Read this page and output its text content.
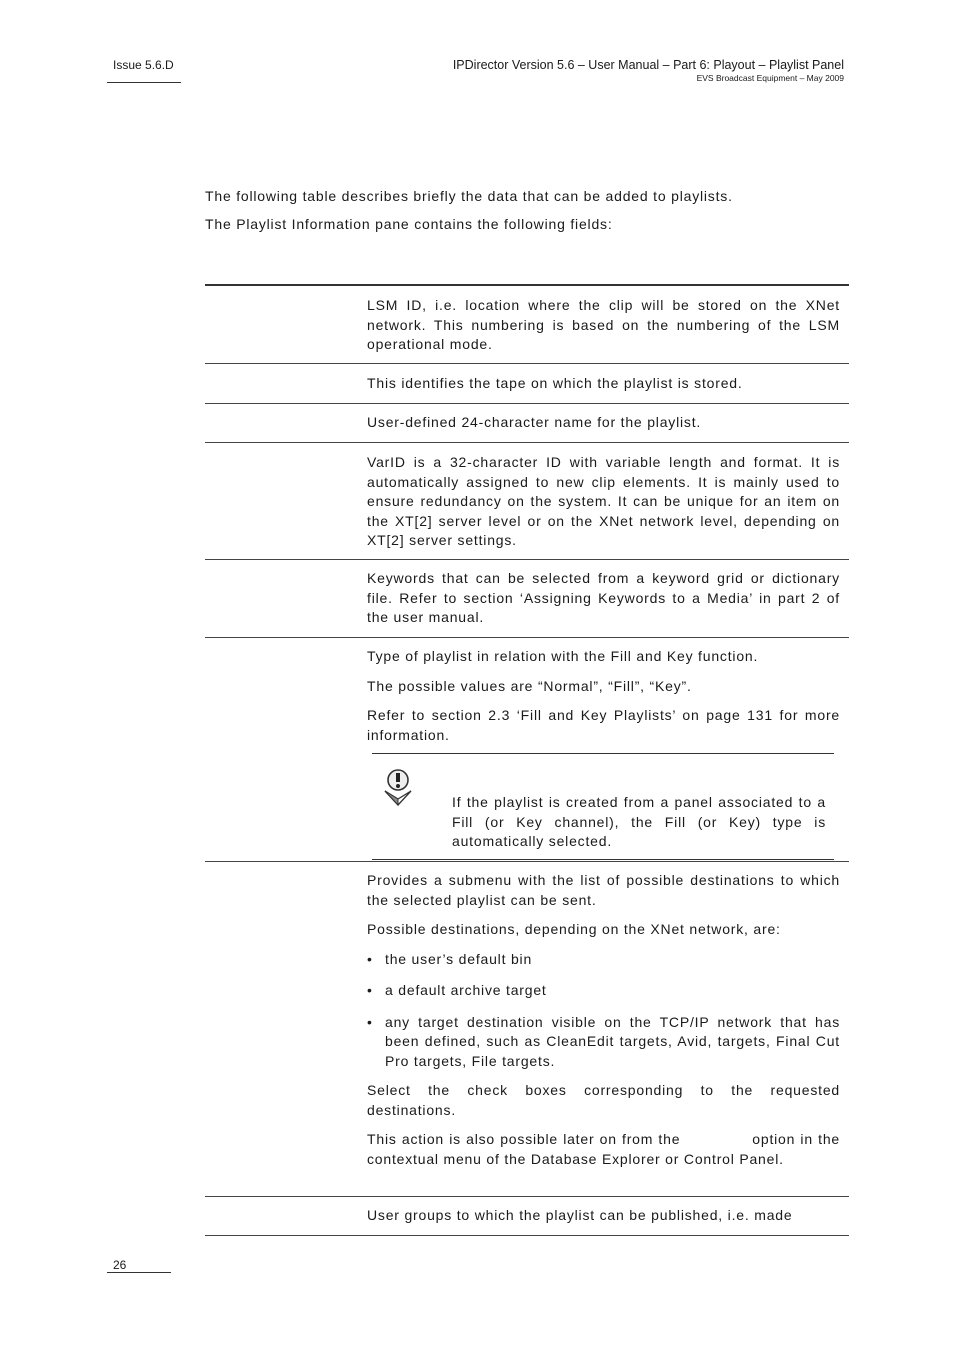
Issue 5.6.D	IPDirector Version 5.6 – User Manual – Part 6: Playout – Playlist Panel
EVS Broadcast Equipment – May 2009
The following table describes briefly the data that can be added to playlists.
The Playlist Information pane contains the following fields:

LSM ID, i.e. location where the clip will be stored on the XNet network. This numbering is based on the numbering of the LSM operational mode.

This identifies the tape on which the playlist is stored.

User-defined 24-character name for the playlist.

VarID is a 32-character ID with variable length and format. It is automatically assigned to new clip elements. It is mainly used to ensure redundancy on the system. It can be unique for an item on the XT[2] server level or on the XNet network level, depending on XT[2] server settings.

Keywords that can be selected from a keyword grid or dictionary file. Refer to section ‘Assigning Keywords to a Media’ in part 2 of the user manual.

Type of playlist in relation with the Fill and Key function.

The possible values are “Normal”, “Fill”, “Key”.

Refer to section 2.3 ‘Fill and Key Playlists’ on page 131 for more information.

If the playlist is created from a panel associated to a Fill (or Key channel), the Fill (or Key) type is automatically selected.

Provides a submenu with the list of possible destinations to which the selected playlist can be sent.

Possible destinations, depending on the XNet network, are:

• the user’s default bin
• a default archive target
• any target destination visible on the TCP/IP network that has been defined, such as CleanEdit targets, Avid, targets, Final Cut Pro targets, File targets.

Select the check boxes corresponding to the requested destinations.

This action is also possible later on from the	option in the contextual menu of the Database Explorer or Control Panel.

User groups to which the playlist can be published, i.e. made

26
